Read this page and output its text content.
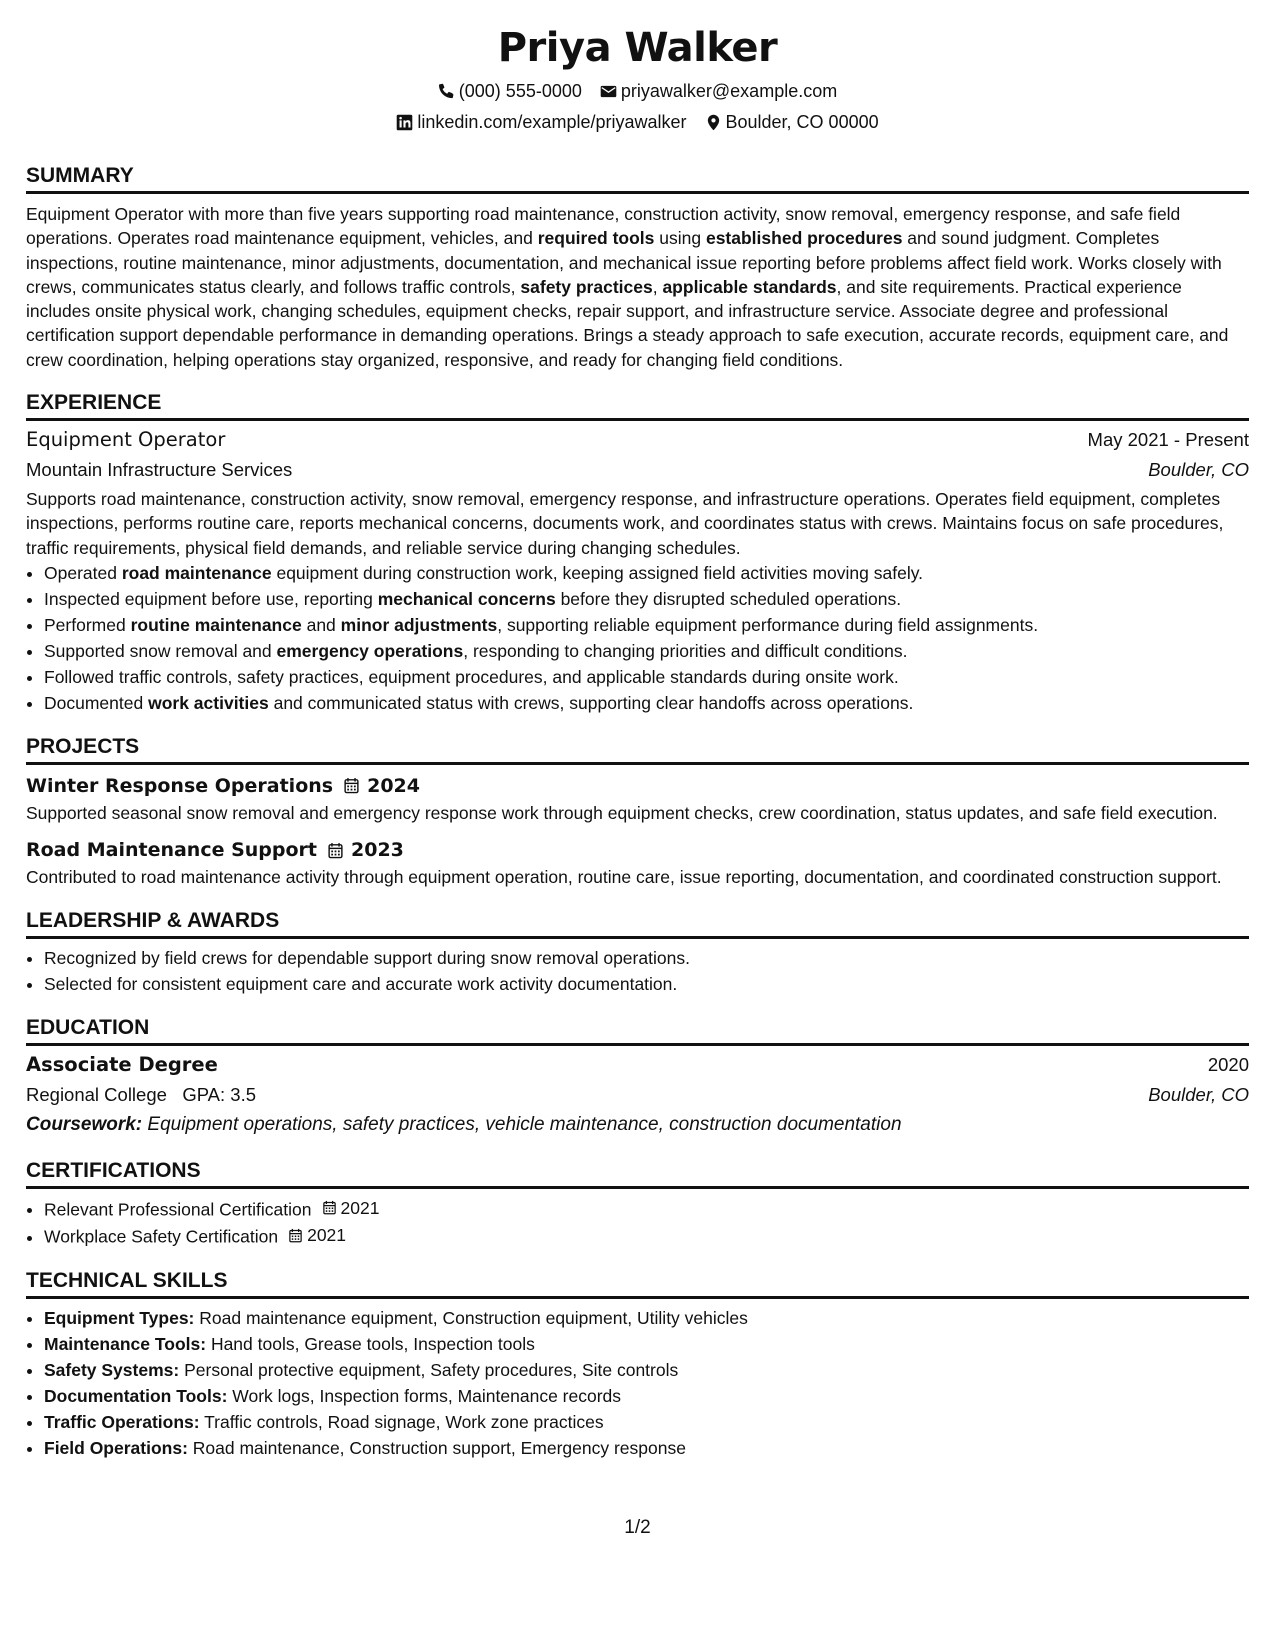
Priya Walker
(000) 555-0000 priyawalker@example.com
linkedin.com/example/priyawalker Boulder, CO 00000
SUMMARY
Equipment Operator with more than five years supporting road maintenance, construction activity, snow removal, emergency response, and safe field operations. Operates road maintenance equipment, vehicles, and required tools using established procedures and sound judgment. Completes inspections, routine maintenance, minor adjustments, documentation, and mechanical issue reporting before problems affect field work. Works closely with crews, communicates status clearly, and follows traffic controls, safety practices, applicable standards, and site requirements. Practical experience includes onsite physical work, changing schedules, equipment checks, repair support, and infrastructure service. Associate degree and professional certification support dependable performance in demanding operations. Brings a steady approach to safe execution, accurate records, equipment care, and crew coordination, helping operations stay organized, responsive, and ready for changing field conditions.
EXPERIENCE
Equipment Operator	May 2021 - Present
Mountain Infrastructure Services	Boulder, CO
Supports road maintenance, construction activity, snow removal, emergency response, and infrastructure operations. Operates field equipment, completes inspections, performs routine care, reports mechanical concerns, documents work, and coordinates status with crews. Maintains focus on safe procedures, traffic requirements, physical field demands, and reliable service during changing schedules.
• Operated road maintenance equipment during construction work, keeping assigned field activities moving safely.
• Inspected equipment before use, reporting mechanical concerns before they disrupted scheduled operations.
• Performed routine maintenance and minor adjustments, supporting reliable equipment performance during field assignments.
• Supported snow removal and emergency operations, responding to changing priorities and difficult conditions.
• Followed traffic controls, safety practices, equipment procedures, and applicable standards during onsite work.
• Documented work activities and communicated status with crews, supporting clear handoffs across operations.
PROJECTS
Winter Response Operations 2024
Supported seasonal snow removal and emergency response work through equipment checks, crew coordination, status updates, and safe field execution.
Road Maintenance Support 2023
Contributed to road maintenance activity through equipment operation, routine care, issue reporting, documentation, and coordinated construction support.
LEADERSHIP & AWARDS
• Recognized by field crews for dependable support during snow removal operations.
• Selected for consistent equipment care and accurate work activity documentation.
EDUCATION
Associate Degree	2020
Regional College GPA: 3.5	Boulder, CO
Coursework: Equipment operations, safety practices, vehicle maintenance, construction documentation
CERTIFICATIONS
• Relevant Professional Certification 2021
• Workplace Safety Certification 2021
TECHNICAL SKILLS
• Equipment Types: Road maintenance equipment, Construction equipment, Utility vehicles
• Maintenance Tools: Hand tools, Grease tools, Inspection tools
• Safety Systems: Personal protective equipment, Safety procedures, Site controls
• Documentation Tools: Work logs, Inspection forms, Maintenance records
• Traffic Operations: Traffic controls, Road signage, Work zone practices
• Field Operations: Road maintenance, Construction support, Emergency response
1/2
